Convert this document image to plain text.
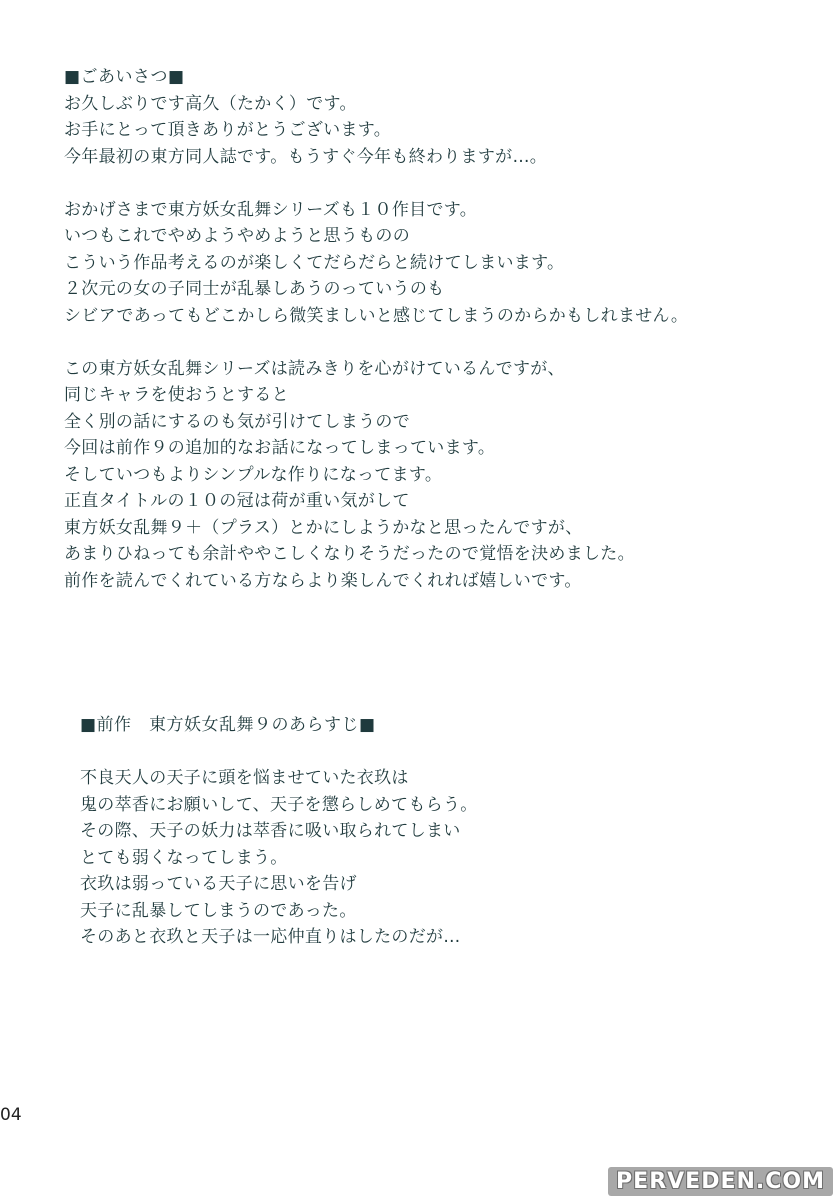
■ごあいさつ■
お久しぶりです高久（たかく）です。
お手にとって頂きありがとうございます。
今年最初の東方同人誌です。もうすぐ今年も終わりますが…。
おかげさまで東方妖女乱舞シリーズも１０作目です。
いつもこれでやめようやめようと思うものの
こういう作品考えるのが楽しくてだらだらと続けてしまいます。
２次元の女の子同士が乱暴しあうのっていうのも
シビアであってもどこかしら微笑ましいと感じてしまうのからかもしれません。
この東方妖女乱舞シリーズは読みきりを心がけているんですが、
同じキャラを使おうとすると
全く別の話にするのも気が引けてしまうので
今回は前作９の追加的なお話になってしまっています。
そしていつもよりシンプルな作りになってます。
正直タイトルの１０の冠は荷が重い気がして
東方妖女乱舞９＋（プラス）とかにしようかなと思ったんですが、
あまりひねっても余計ややこしくなりそうだったので覚悟を決めました。
前作を読んでくれている方ならより楽しんでくれれば嬉しいです。
■前作　東方妖女乱舞９のあらすじ■
不良天人の天子に頭を悩ませていた衣玖は
鬼の萃香にお願いして、天子を懲らしめてもらう。
その際、天子の妖力は萃香に吸い取られてしまい
とても弱くなってしまう。
衣玖は弱っている天子に思いを告げ
天子に乱暴してしまうのであった。
そのあと衣玖と天子は一応仲直りはしたのだが…
04
PERVEDEN.COM
